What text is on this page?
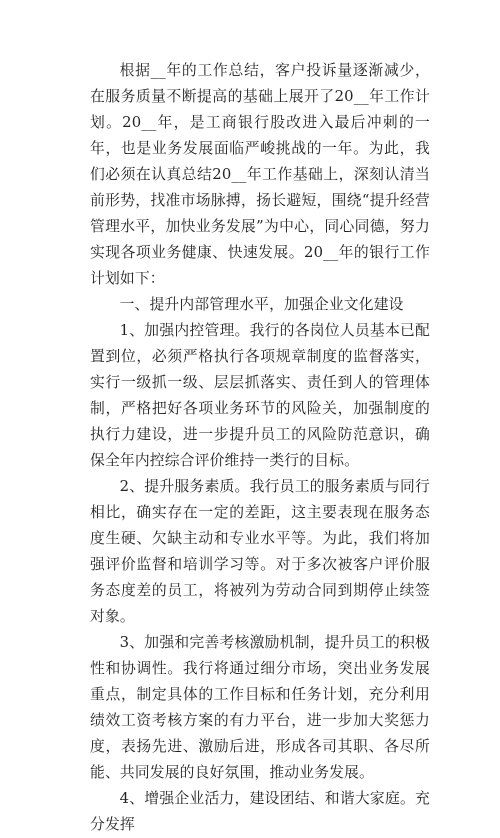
根据__年的工作总结，客户投诉量逐渐减少，在服务质量不断提高的基础上展开了20__年工作计划。20__年，是工商银行股改进入最后冲刺的一年，也是业务发展面临严峻挑战的一年。为此，我们必须在认真总结20__年工作基础上，深刻认清当前形势，找准市场脉搏，扬长避短，围绕“提升经营管理水平，加快业务发展”为中心，同心同德，努力实现各项业务健康、快速发展。20__年的银行工作计划如下：

一、提升内部管理水平，加强企业文化建设

1、加强内控管理。我行的各岗位人员基本已配置到位，必须严格执行各项规章制度的监督落实，实行一级抓一级、层层抓落实、责任到人的管理体制，严格把好各项业务环节的风险关，加强制度的执行力建设，进一步提升员工的风险防范意识，确保全年内控综合评价维持一类行的目标。

2、提升服务素质。我行员工的服务素质与同行相比，确实存在一定的差距，这主要表现在服务态度生硬、欠缺主动和专业水平等。为此，我们将加强评价监督和培训学习等。对于多次被客户评价服务态度差的员工，将被列为劳动合同到期停止续签对象。

3、加强和完善考核激励机制，提升员工的积极性和协调性。我行将通过细分市场，突出业务发展重点，制定具体的工作目标和任务计划，充分利用绩效工资考核方案的有力平台，进一步加大奖惩力度，表扬先进、激励后进，形成各司其职、各尽所能、共同发展的良好氛围，推动业务发展。

4、增强企业活力，建设团结、和谐大家庭。充分发挥
